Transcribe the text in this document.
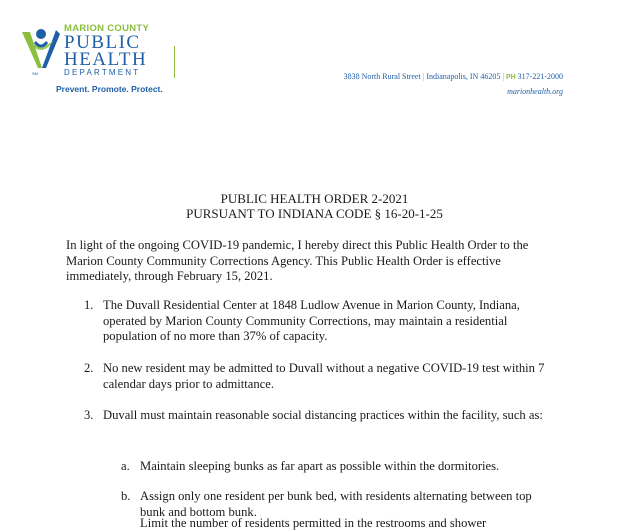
SM
MARION COUNTY
PUBLIC
HEALTH
DEPARTMENT
Prevent. Promote. Protect.
3838 North Rural Street | Indianapolis, IN 46205 | PH 317-221-2000
marionhealth.org
PUBLIC HEALTH ORDER 2-2021
PURSUANT TO INDIANA CODE § 16-20-1-25
In light of the ongoing COVID-19 pandemic, I hereby direct this Public Health Order to the Marion County Community Corrections Agency. This Public Health Order is effective immediately, through February 15, 2021.
1. The Duvall Residential Center at 1848 Ludlow Avenue in Marion County, Indiana, operated by Marion County Community Corrections, may maintain a residential population of no more than 37% of capacity.
2. No new resident may be admitted to Duvall without a negative COVID-19 test within 7 calendar days prior to admittance.
3. Duvall must maintain reasonable social distancing practices within the facility, such as:
a. Maintain sleeping bunks as far apart as possible within the dormitories.
b. Assign only one resident per bunk bed, with residents alternating between top bunk and bottom bunk.
Limit the number of residents permitted in the restrooms and shower
